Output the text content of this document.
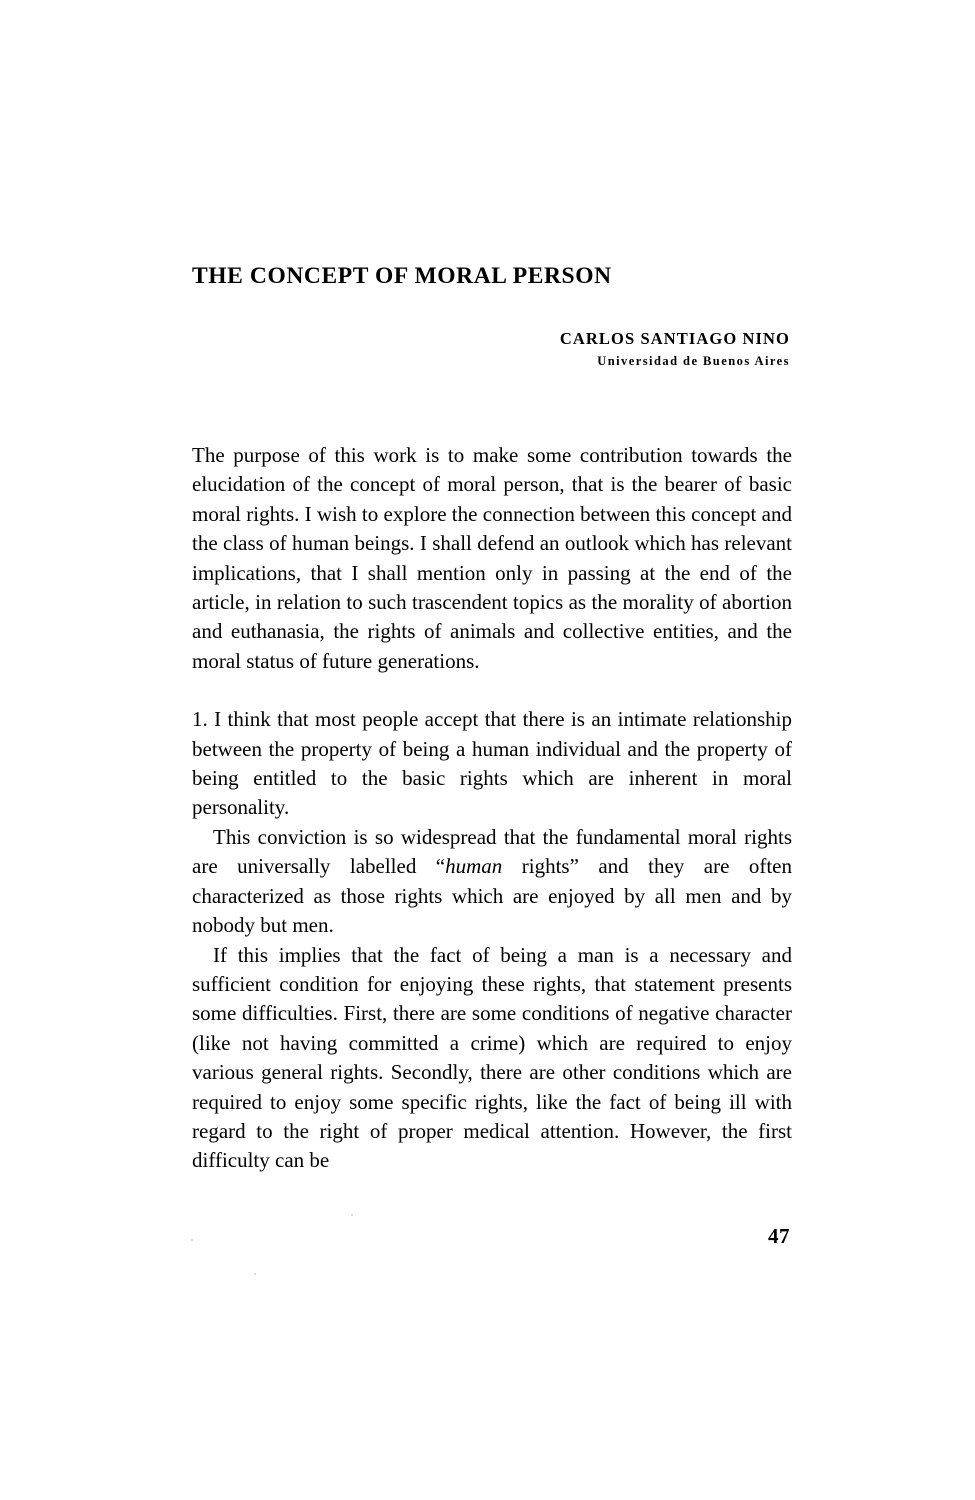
THE CONCEPT OF MORAL PERSON
CARLOS SANTIAGO NINO
Universidad de Buenos Aires

The purpose of this work is to make some contribution towards the elucidation of the concept of moral person, that is the bearer of basic moral rights. I wish to explore the connection between this concept and the class of human beings. I shall defend an outlook which has relevant implications, that I shall mention only in passing at the end of the article, in relation to such trascendent topics as the morality of abortion and euthanasia, the rights of animals and collective entities, and the moral status of future generations.

1. I think that most people accept that there is an intimate relationship between the property of being a human individual and the property of being entitled to the basic rights which are inherent in moral personality.

This conviction is so widespread that the fundamental moral rights are universally labelled “human rights” and they are often characterized as those rights which are enjoyed by all men and by nobody but men.

If this implies that the fact of being a man is a necessary and sufficient condition for enjoying these rights, that statement presents some difficulties. First, there are some conditions of negative character (like not having committed a crime) which are required to enjoy various general rights. Secondly, there are other conditions which are required to enjoy some specific rights, like the fact of being ill with regard to the right of proper medical attention. However, the first difficulty can be

47
